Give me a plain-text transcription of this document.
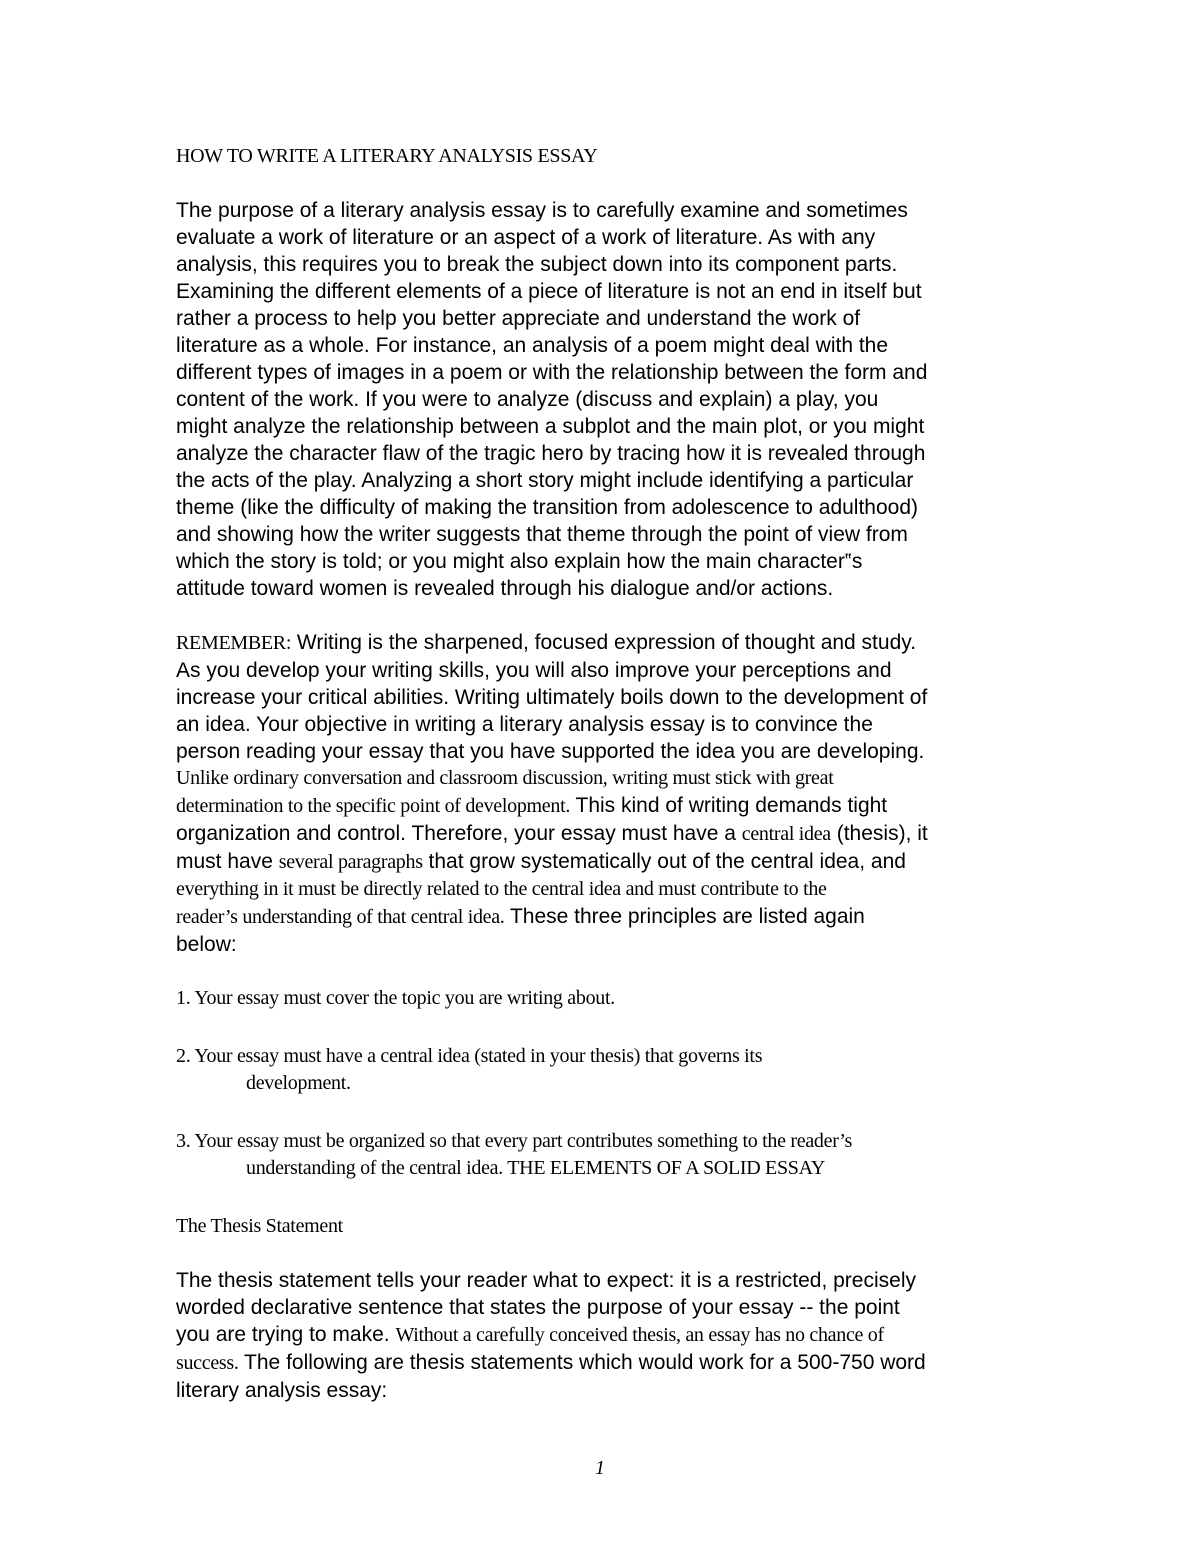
HOW TO WRITE A LITERARY ANALYSIS ESSAY
The purpose of a literary analysis essay is to carefully examine and sometimes
evaluate a work of literature or an aspect of a work of literature. As with any
analysis, this requires you to break the subject down into its component parts.
Examining the different elements of a piece of literature is not an end in itself but
rather a process to help you better appreciate and understand the work of
literature as a whole. For instance, an analysis of a poem might deal with the
different types of images in a poem or with the relationship between the form and
content of the work. If you were to analyze (discuss and explain) a play, you
might analyze the relationship between a subplot and the main plot, or you might
analyze the character flaw of the tragic hero by tracing how it is revealed through
the acts of the play. Analyzing a short story might include identifying a particular
theme (like the difficulty of making the transition from adolescence to adulthood)
and showing how the writer suggests that theme through the point of view from
which the story is told; or you might also explain how the main character‟s
attitude toward women is revealed through his dialogue and/or actions.
REMEMBER: Writing is the sharpened, focused expression of thought and study.
As you develop your writing skills, you will also improve your perceptions and
increase your critical abilities. Writing ultimately boils down to the development of
an idea. Your objective in writing a literary analysis essay is to convince the
person reading your essay that you have supported the idea you are developing.
Unlike ordinary conversation and classroom discussion, writing must stick with great
determination to the specific point of development. This kind of writing demands tight
organization and control. Therefore, your essay must have a central idea (thesis), it
must have several paragraphs that grow systematically out of the central idea, and
everything in it must be directly related to the central idea and must contribute to the
reader’s understanding of that central idea. These three principles are listed again
below:
1. Your essay must cover the topic you are writing about.
2. Your essay must have a central idea (stated in your thesis) that governs its
development.
3. Your essay must be organized so that every part contributes something to the reader’s
understanding of the central idea. THE ELEMENTS OF A SOLID ESSAY
The Thesis Statement
The thesis statement tells your reader what to expect: it is a restricted, precisely
worded declarative sentence that states the purpose of your essay -- the point
you are trying to make. Without a carefully conceived thesis, an essay has no chance of
success. The following are thesis statements which would work for a 500-750 word
literary analysis essay:
1
